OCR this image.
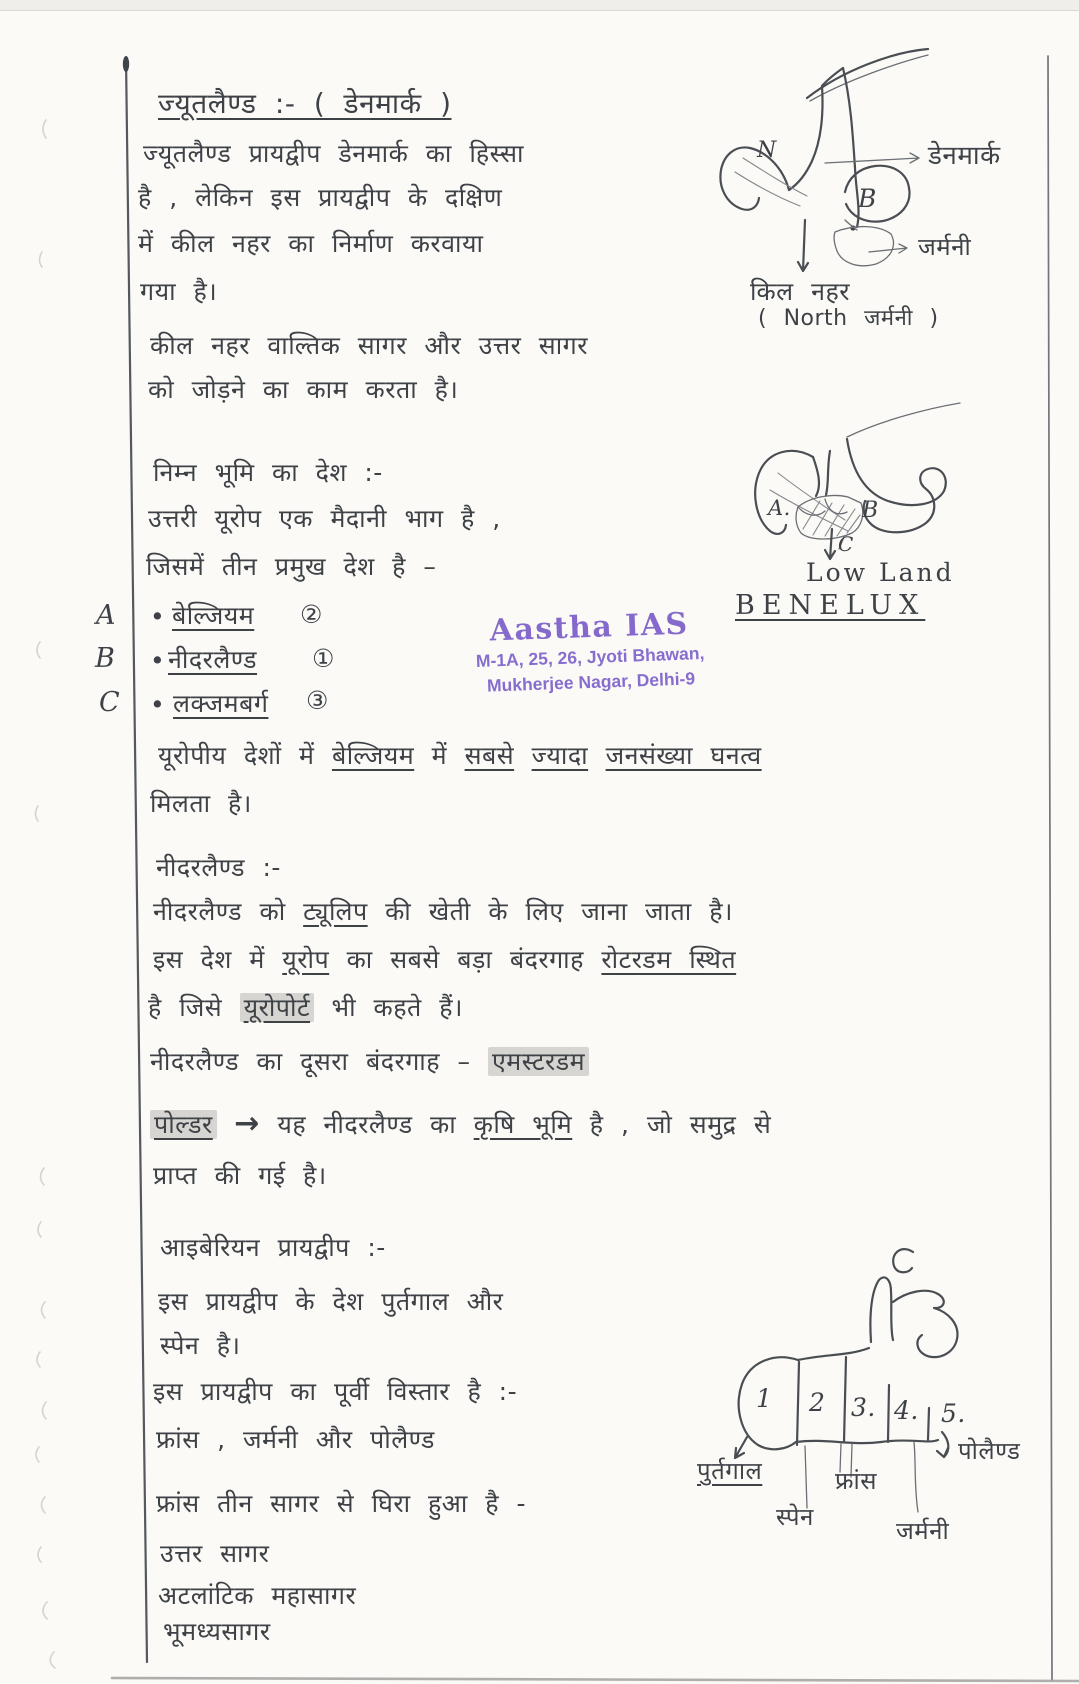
ज्यूतलैण्ड :- ( डेनमार्क )
ज्यूतलैण्ड प्रायद्वीप डेनमार्क का हिस्सा
है , लेकिन इस प्रायद्वीप के दक्षिण
में कील नहर का निर्माण करवाया
गया है।
कील नहर वाल्तिक सागर और उत्तर सागर
को जोड़ने का काम करता है।
N
B
डेनमार्क
जर्मनी
किल नहर
( North जर्मनी )
निम्न भूमि का देश :-
उत्तरी यूरोप एक मैदानी भाग है ,
जिसमें तीन प्रमुख देश है –
A • बेल्जियम ②
B • नीदरलैण्ड ①
C • लक्जमबर्ग ③
A.	B
C
Low Land
BENELUX
Aastha IAS
M-1A, 25, 26, Jyoti Bhawan,
Mukherjee Nagar, Delhi-9
यूरोपीय देशों में बेल्जियम में सबसे ज्यादा जनसंख्या घनत्व
मिलता है।
नीदरलैण्ड :-
नीदरलैण्ड को ट्यूलिप की खेती के लिए जाना जाता है।
इस देश में यूरोप का सबसे बड़ा बंदरगाह रोटरडम स्थित
है जिसे यूरोपोर्ट भी कहते हैं।
नीदरलैण्ड का दूसरा बंदरगाह – एमस्टरडम
पोल्डर → यह नीदरलैण्ड का कृषि भूमि है , जो समुद्र से
प्राप्त की गई है।
आइबेरियन प्रायद्वीप :-
इस प्रायद्वीप के देश पुर्तगाल और
स्पेन है।
इस प्रायद्वीप का पूर्वी विस्तार है :-
फ्रांस , जर्मनी और पोलैण्ड
फ्रांस तीन सागर से घिरा हुआ है -
उत्तर सागर
अटलांटिक महासागर
भूमध्यसागर
1 2 3. 4. 5.
पुर्तगाल
स्पेन
फ्रांस
जर्मनी
पोलैण्ड
